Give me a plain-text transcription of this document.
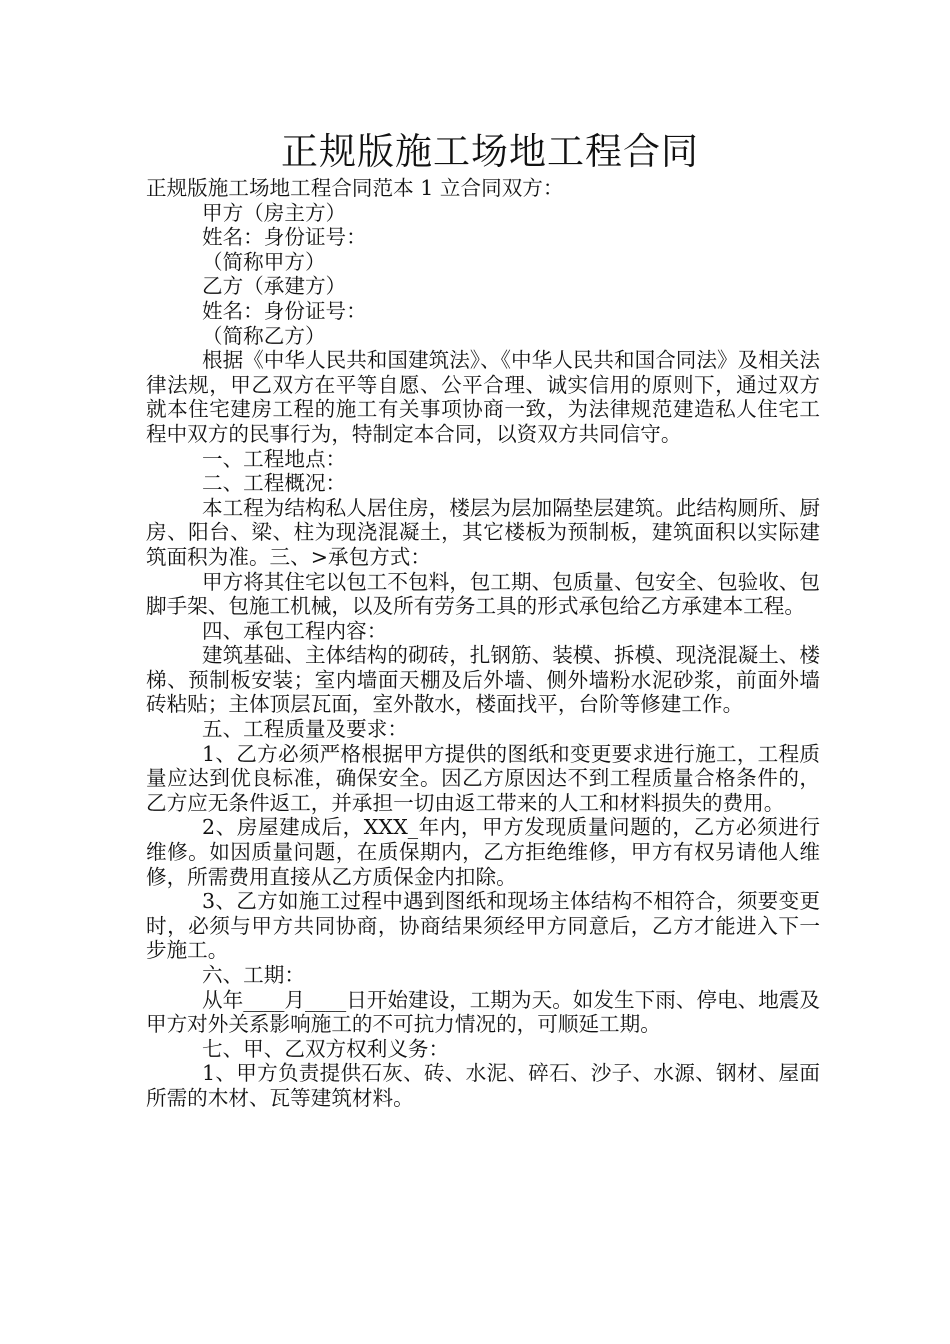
正规版施工场地工程合同

正规版施工场地工程合同范本 1 立合同双方：

甲方（房主方）

姓名：身份证号：

（简称甲方）

乙方（承建方）

姓名：身份证号：

（简称乙方）

根据《中华人民共和国建筑法》、《中华人民共和国合同法》及相关法律法规，甲乙双方在平等自愿、公平合理、诚实信用的原则下，通过双方就本住宅建房工程的施工有关事项协商一致，为法律规范建造私人住宅工程中双方的民事行为，特制定本合同，以资双方共同信守。

一、工程地点：

二、工程概况：

本工程为结构私人居住房，楼层为层加隔垫层建筑。此结构厕所、厨房、阳台、梁、柱为现浇混凝土，其它楼板为预制板，建筑面积以实际建筑面积为准。三、>承包方式：

甲方将其住宅以包工不包料，包工期、包质量、包安全、包验收、包脚手架、包施工机械，以及所有劳务工具的形式承包给乙方承建本工程。

四、承包工程内容：

建筑基础、主体结构的砌砖，扎钢筋、装模、拆模、现浇混凝土、楼梯、预制板安装；室内墙面天棚及后外墙、侧外墙粉水泥砂浆，前面外墙砖粘贴；主体顶层瓦面，室外散水，楼面找平，台阶等修建工作。

五、工程质量及要求：

1、乙方必须严格根据甲方提供的图纸和变更要求进行施工，工程质量应达到优良标准，确保安全。因乙方原因达不到工程质量合格条件的，乙方应无条件返工，并承担一切由返工带来的人工和材料损失的费用。

2、房屋建成后，XXX_年内，甲方发现质量问题的，乙方必须进行维修。如因质量问题，在质保期内，乙方拒绝维修，甲方有权另请他人维修，所需费用直接从乙方质保金内扣除。

3、乙方如施工过程中遇到图纸和现场主体结构不相符合，须要变更时，必须与甲方共同协商，协商结果须经甲方同意后，乙方才能进入下一步施工。

六、工期：

从年____月____日开始建设，工期为天。如发生下雨、停电、地震及甲方对外关系影响施工的不可抗力情况的，可顺延工期。

七、甲、乙双方权利义务：

1、甲方负责提供石灰、砖、水泥、碎石、沙子、水源、钢材、屋面所需的木材、瓦等建筑材料。
